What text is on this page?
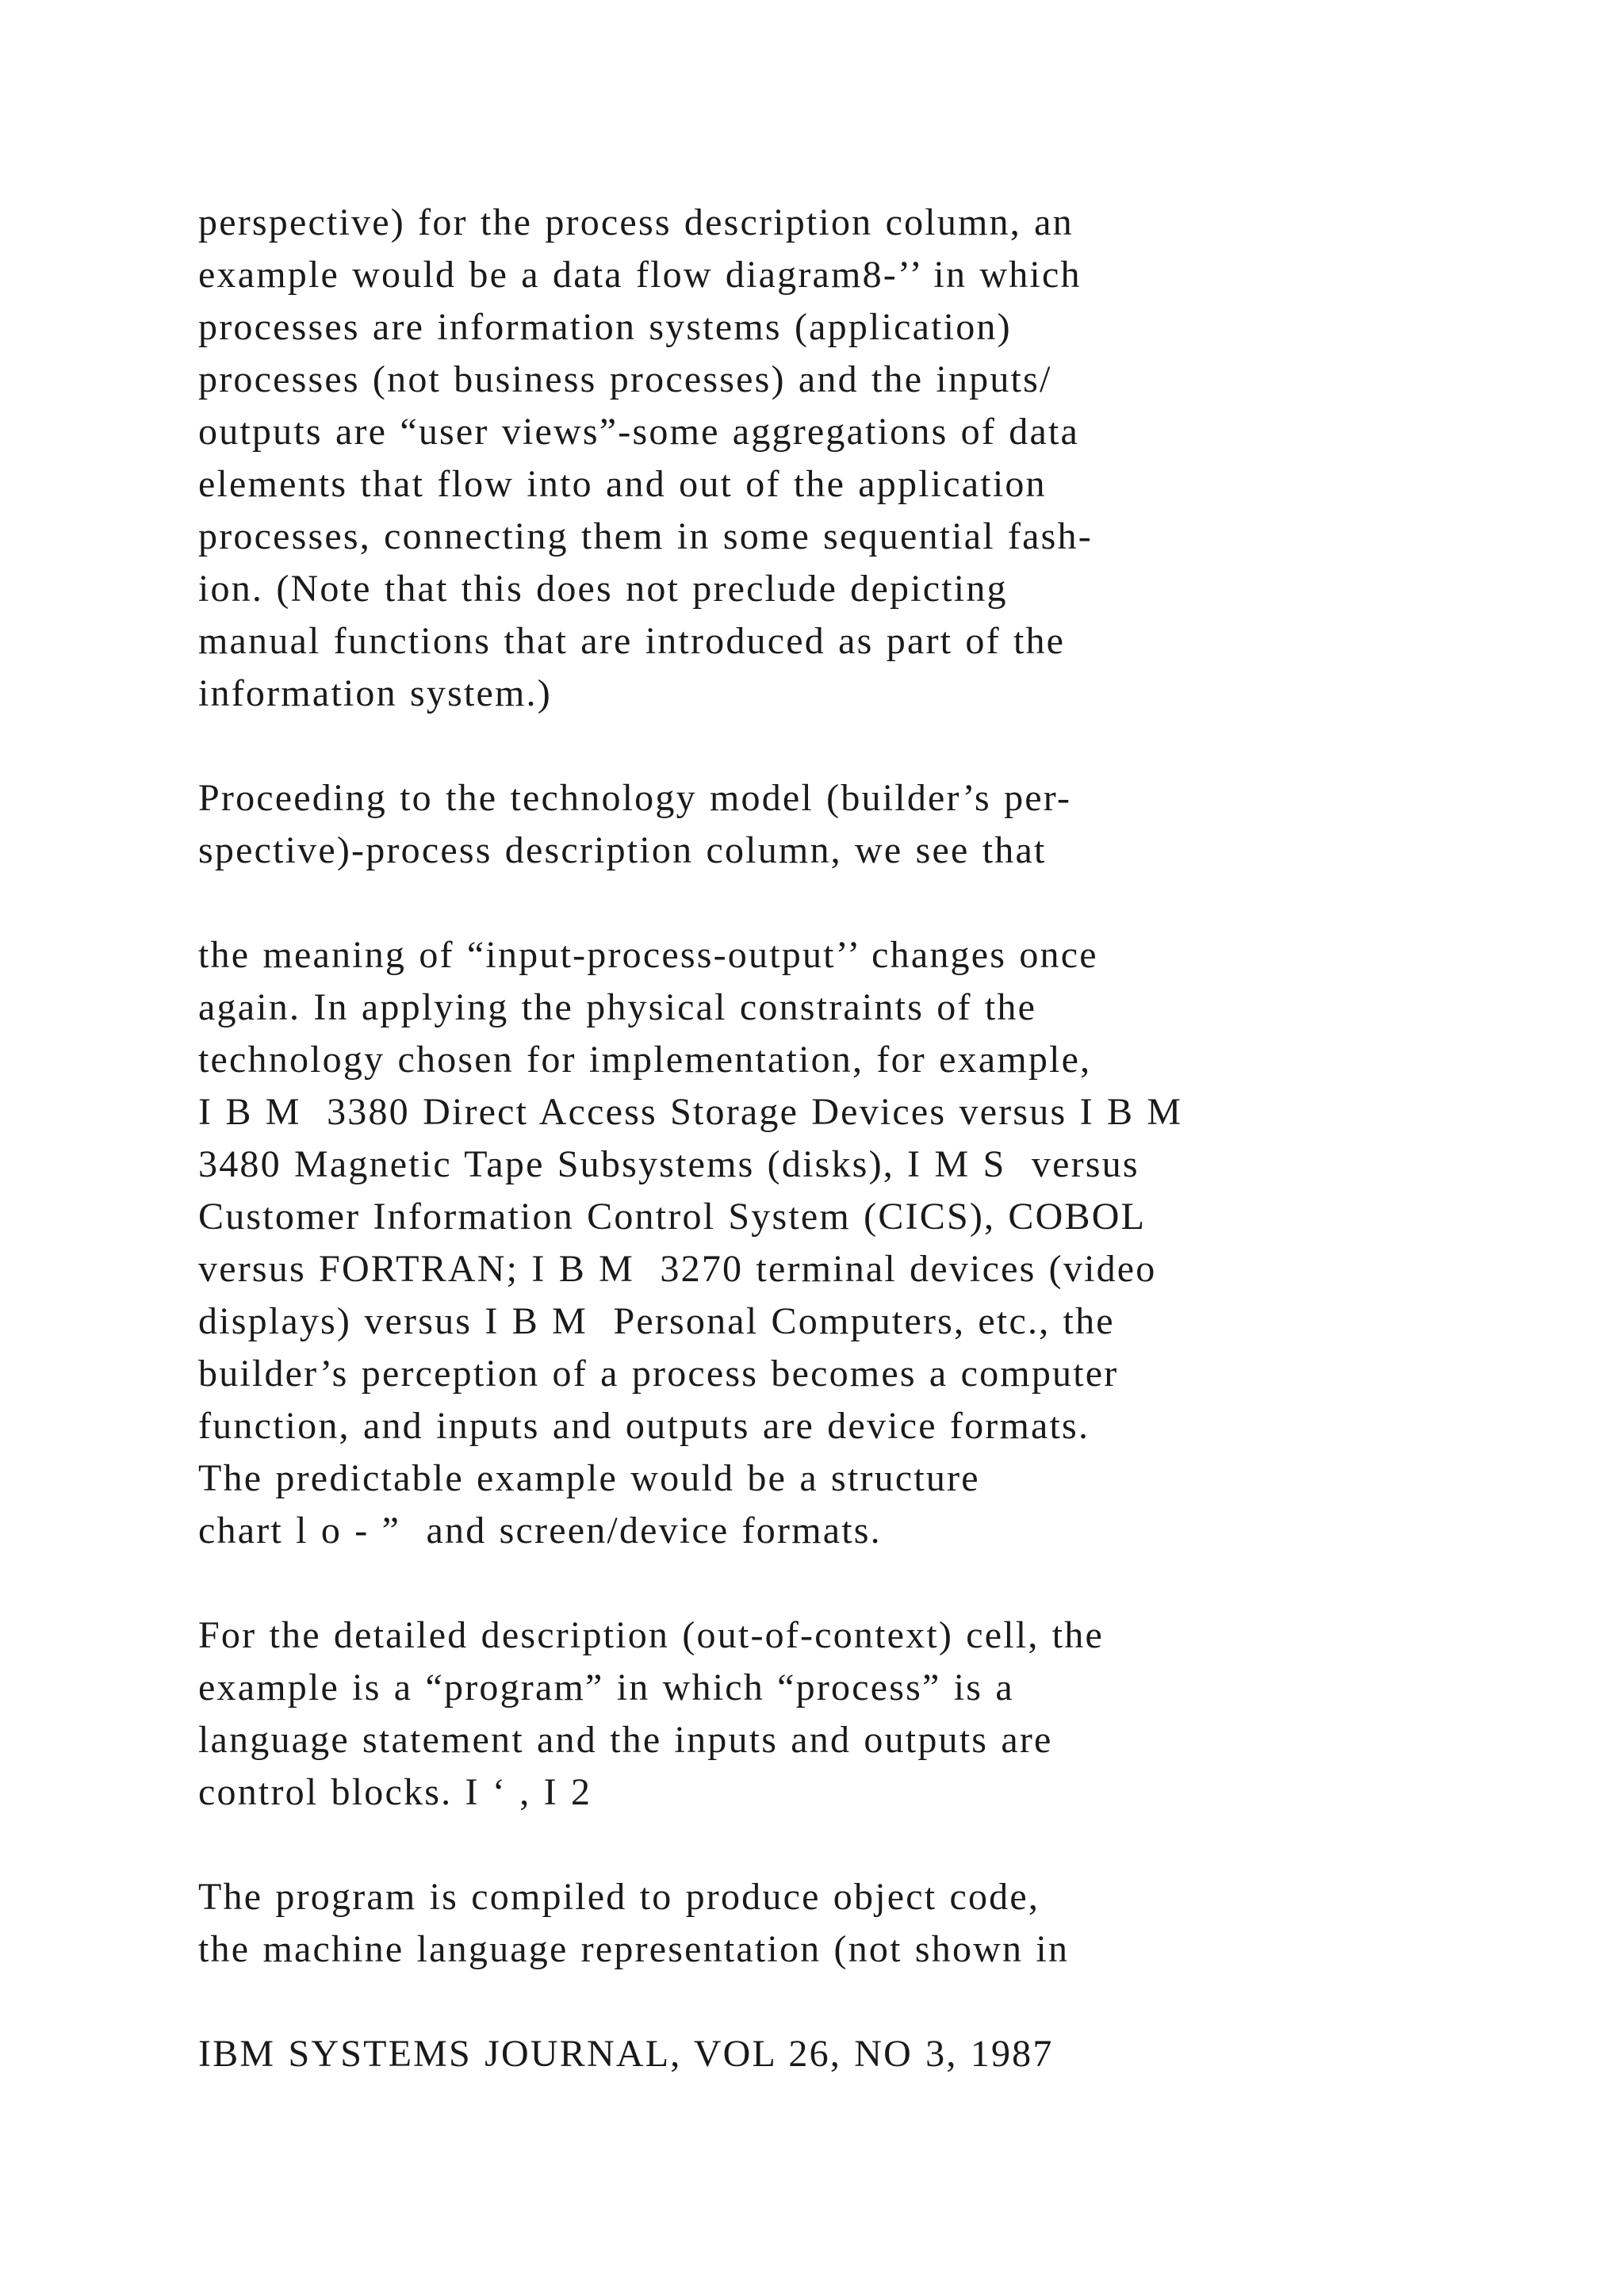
perspective) for the process description column, an

example would be a data flow diagram8-’’ in which

processes are information systems (application)

processes (not business processes) and the inputs/

outputs are “user views”-some aggregations of data

elements that flow into and out of the application

processes, connecting them in some sequential fash-

ion. (Note that this does not preclude depicting

manual functions that are introduced as part of the

information system.)

Proceeding to the technology model (builder’s per-

spective)-process description column, we see that

the meaning of “input-process-output’’ changes once

again. In applying the physical constraints of the

technology chosen for implementation, for example,

I B M  3380 Direct Access Storage Devices versus I B M

3480 Magnetic Tape Subsystems (disks), I M S  versus

Customer Information Control System (CICS), COBOL

versus FORTRAN; I B M  3270 terminal devices (video

displays) versus I B M  Personal Computers, etc., the

builder’s perception of a process becomes a computer

function, and inputs and outputs are device formats.

The predictable example would be a structure

chart l o - ”  and screen/device formats.

For the detailed description (out-of-context) cell, the

example is a “program” in which “process” is a

language statement and the inputs and outputs are

control blocks. I ‘ , I 2

The program is compiled to produce object code,

the machine language representation (not shown in

IBM SYSTEMS JOURNAL, VOL 26, NO 3, 1987
